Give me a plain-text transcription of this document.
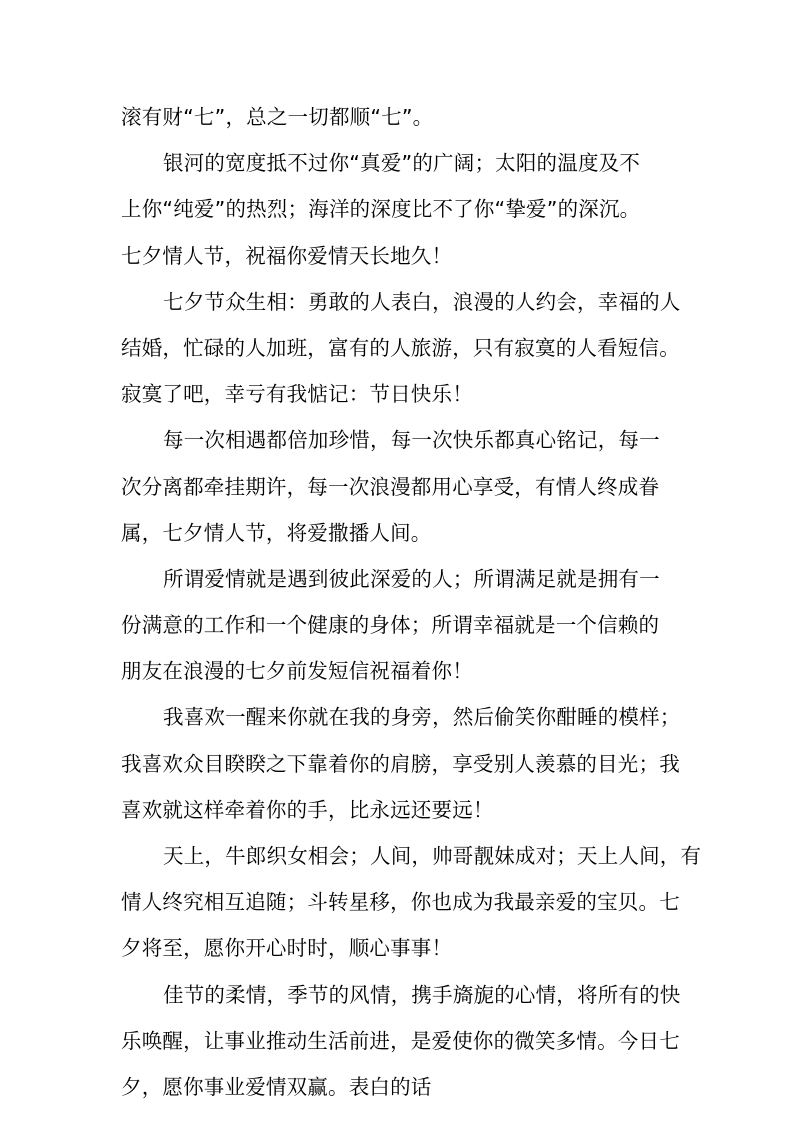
滚有财“七”，总之一切都顺“七”。
银河的宽度抵不过你“真爱”的广阔；太阳的温度及不
上你“纯爱”的热烈；海洋的深度比不了你“挚爱”的深沉。
七夕情人节，祝福你爱情天长地久！
七夕节众生相：勇敢的人表白，浪漫的人约会，幸福的人
结婚，忙碌的人加班，富有的人旅游，只有寂寞的人看短信。
寂寞了吧，幸亏有我惦记：节日快乐！
每一次相遇都倍加珍惜，每一次快乐都真心铭记，每一
次分离都牵挂期许，每一次浪漫都用心享受，有情人终成眷
属，七夕情人节，将爱撒播人间。
所谓爱情就是遇到彼此深爱的人；所谓满足就是拥有一
份满意的工作和一个健康的身体；所谓幸福就是一个信赖的
朋友在浪漫的七夕前发短信祝福着你！
我喜欢一醒来你就在我的身旁，然后偷笑你酣睡的模样；
我喜欢众目睽睽之下靠着你的肩膀，享受别人羡慕的目光；我
喜欢就这样牵着你的手，比永远还要远！
天上，牛郎织女相会；人间，帅哥靓妹成对；天上人间，有
情人终究相互追随；斗转星移，你也成为我最亲爱的宝贝。七
夕将至，愿你开心时时，顺心事事！
佳节的柔情，季节的风情，携手旖旎的心情，将所有的快
乐唤醒，让事业推动生活前进，是爱使你的微笑多情。今日七
夕，愿你事业爱情双赢。表白的话
